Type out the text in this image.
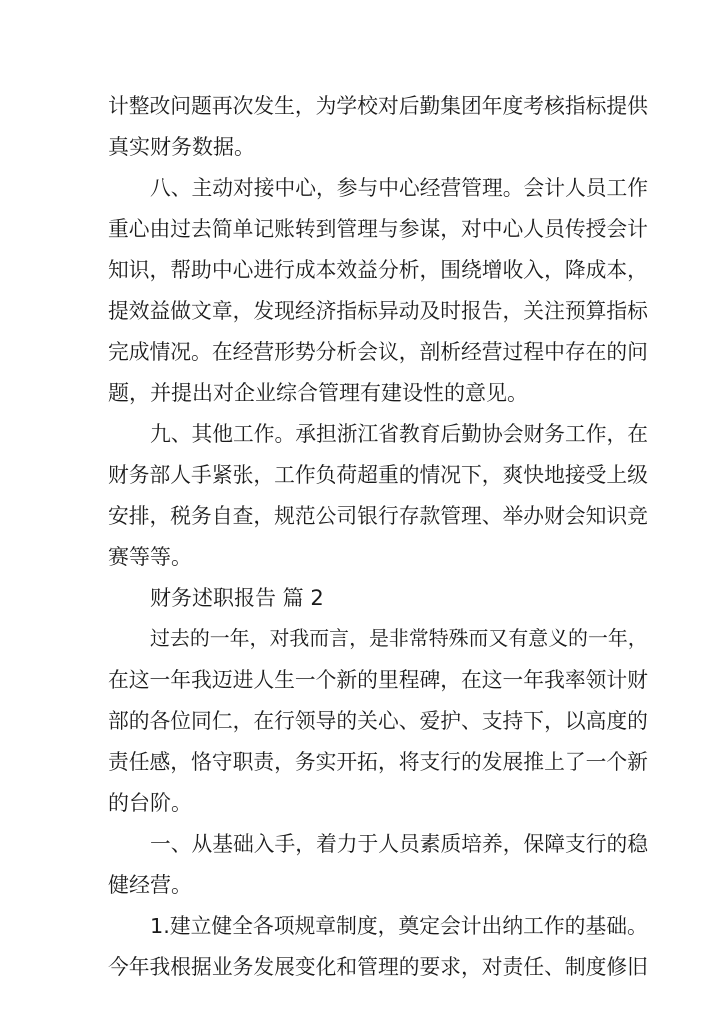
计整改问题再次发生，为学校对后勤集团年度考核指标提供
真实财务数据。
八、主动对接中心，参与中心经营管理。会计人员工作
重心由过去简单记账转到管理与参谋，对中心人员传授会计
知识，帮助中心进行成本效益分析，围绕增收入，降成本，
提效益做文章，发现经济指标异动及时报告，关注预算指标
完成情况。在经营形势分析会议，剖析经营过程中存在的问
题，并提出对企业综合管理有建设性的意见。
九、其他工作。承担浙江省教育后勤协会财务工作，在
财务部人手紧张，工作负荷超重的情况下，爽快地接受上级
安排，税务自查，规范公司银行存款管理、举办财会知识竞
赛等等。
财务述职报告 篇 2
过去的一年，对我而言，是非常特殊而又有意义的一年，
在这一年我迈进人生一个新的里程碑，在这一年我率领计财
部的各位同仁，在行领导的关心、爱护、支持下，以高度的
责任感，恪守职责，务实开拓，将支行的发展推上了一个新
的台阶。
一、从基础入手，着力于人员素质培养，保障支行的稳
健经营。
1.建立健全各项规章制度，奠定会计出纳工作的基础。
今年我根据业务发展变化和管理的要求，对责任、制度修旧
